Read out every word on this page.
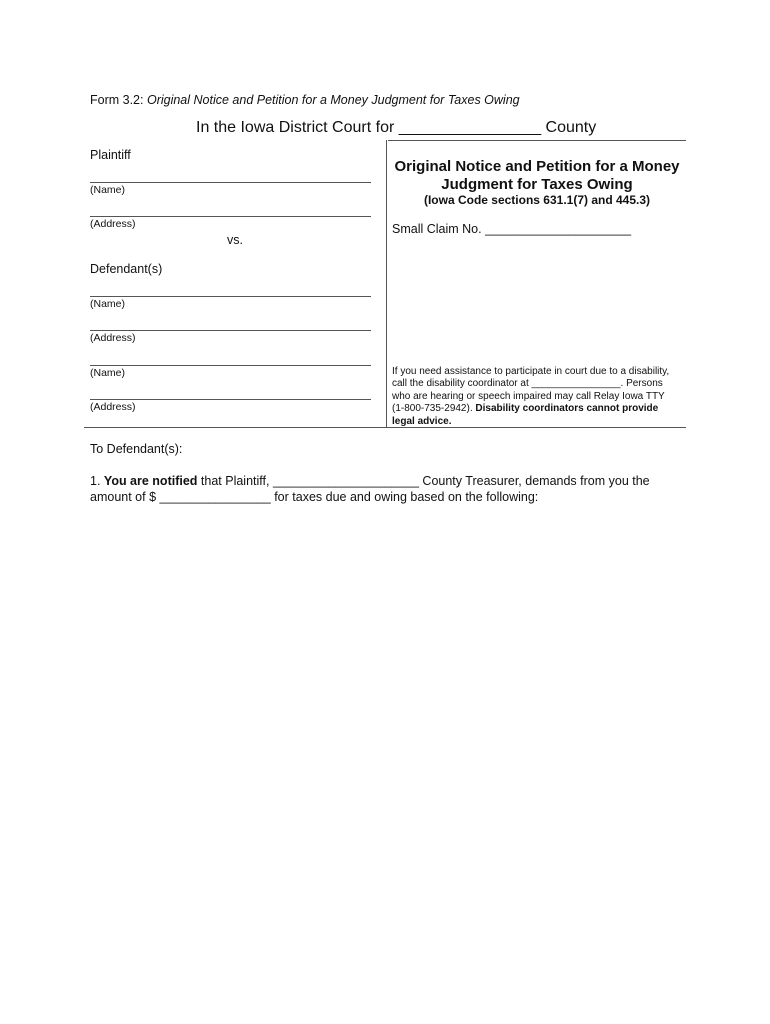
Form 3.2: Original Notice and Petition for a Money Judgment for Taxes Owing
In the Iowa District Court for ________________ County
Plaintiff
(Name)
(Address)
vs.
Defendant(s)
(Name)
(Address)
(Name)
(Address)
Original Notice and Petition for a Money
Judgment for Taxes Owing
(Iowa Code sections 631.1(7) and 445.3)
Small Claim No. _____________________
If you need assistance to participate in court due to a disability,
call the disability coordinator at ________________. Persons
who are hearing or speech impaired may call Relay Iowa TTY
(1-800-735-2942). Disability coordinators cannot provide
legal advice.
To Defendant(s):
1. You are notified that Plaintiff, _____________________ County Treasurer, demands from you the
amount of $ ________________ for taxes due and owing based on the following:
